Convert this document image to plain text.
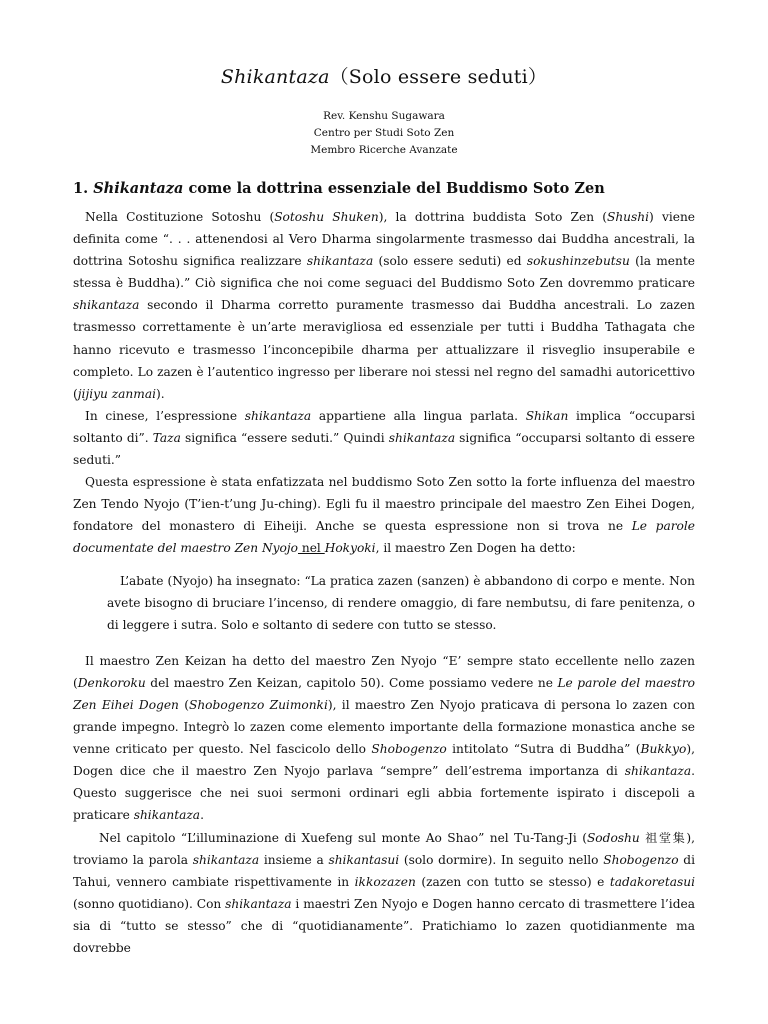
Shikantaza（Solo essere seduti）
Rev. Kenshu Sugawara
Centro per Studi Soto Zen
Membro Ricerche Avanzate
1. Shikantaza come la dottrina essenziale del Buddismo Soto Zen

Nella Costituzione Sotoshu (Sotoshu Shuken), la dottrina buddista Soto Zen (Shushi) viene definita come “. . . attenendosi al Vero Dharma singolarmente trasmesso dai Buddha ancestrali, la dottrina Sotoshu significa realizzare shikantaza (solo essere seduti) ed sokushinzebutsu (la mente stessa è Buddha).” Ciò significa che noi come seguaci del Buddismo Soto Zen dovremmo praticare shikantaza secondo il Dharma corretto puramente trasmesso dai Buddha ancestrali. Lo zazen trasmesso correttamente è un’arte meravigliosa ed essenziale per tutti i Buddha Tathagata che hanno ricevuto e trasmesso l’inconcepibile dharma per attualizzare il risveglio insuperabile e completo. Lo zazen è l’autentico ingresso per liberare noi stessi nel regno del samadhi autoricettivo (jijiyu zanmai).

In cinese, l’espressione shikantaza appartiene alla lingua parlata. Shikan implica “occuparsi soltanto di”. Taza significa “essere seduti.” Quindi shikantaza significa “occuparsi soltanto di essere seduti.”

Questa espressione è stata enfatizzata nel buddismo Soto Zen sotto la forte influenza del maestro Zen Tendo Nyojo (T’ien-t’ung Ju-ching). Egli fu il maestro principale del maestro Zen Eihei Dogen, fondatore del monastero di Eiheiji. Anche se questa espressione non si trova ne Le parole documentate del maestro Zen Nyojo nel Hokyoki, il maestro Zen Dogen ha detto:

L’abate (Nyojo) ha insegnato: “La pratica zazen (sanzen) è abbandono di corpo e mente. Non avete bisogno di bruciare l’incenso, di rendere omaggio, di fare nembutsu, di fare penitenza, o di leggere i sutra. Solo e soltanto di sedere con tutto se stesso.

Il maestro Zen Keizan ha detto del maestro Zen Nyojo “E’ sempre stato eccellente nello zazen (Denkoroku del maestro Zen Keizan, capitolo 50). Come possiamo vedere ne Le parole del maestro Zen Eihei Dogen (Shobogenzo Zuimonki), il maestro Zen Nyojo praticava di persona lo zazen con grande impegno. Integrò lo zazen come elemento importante della formazione monastica anche se venne criticato per questo. Nel fascicolo dello Shobogenzo intitolato “Sutra di Buddha” (Bukkyo), Dogen dice che il maestro Zen Nyojo parlava “sempre” dell’estrema importanza di shikantaza. Questo suggerisce che nei suoi sermoni ordinari egli abbia fortemente ispirato i discepoli a praticare shikantaza.

Nel capitolo “L’illuminazione di Xuefeng sul monte Ao Shao” nel Tu-Tang-Ji (Sodoshu 祖堂集), troviamo la parola shikantaza insieme a shikantasui (solo dormire). In seguito nello Shobogenzo di Tahui, vennero cambiate rispettivamente in ikkozazen (zazen con tutto se stesso) e tadakoretasui (sonno quotidiano). Con shikantaza i maestri Zen Nyojo e Dogen hanno cercato di trasmettere l’idea sia di “tutto se stesso” che di “quotidianamente”. Pratichiamo lo zazen quotidianmente ma dovrebbe
